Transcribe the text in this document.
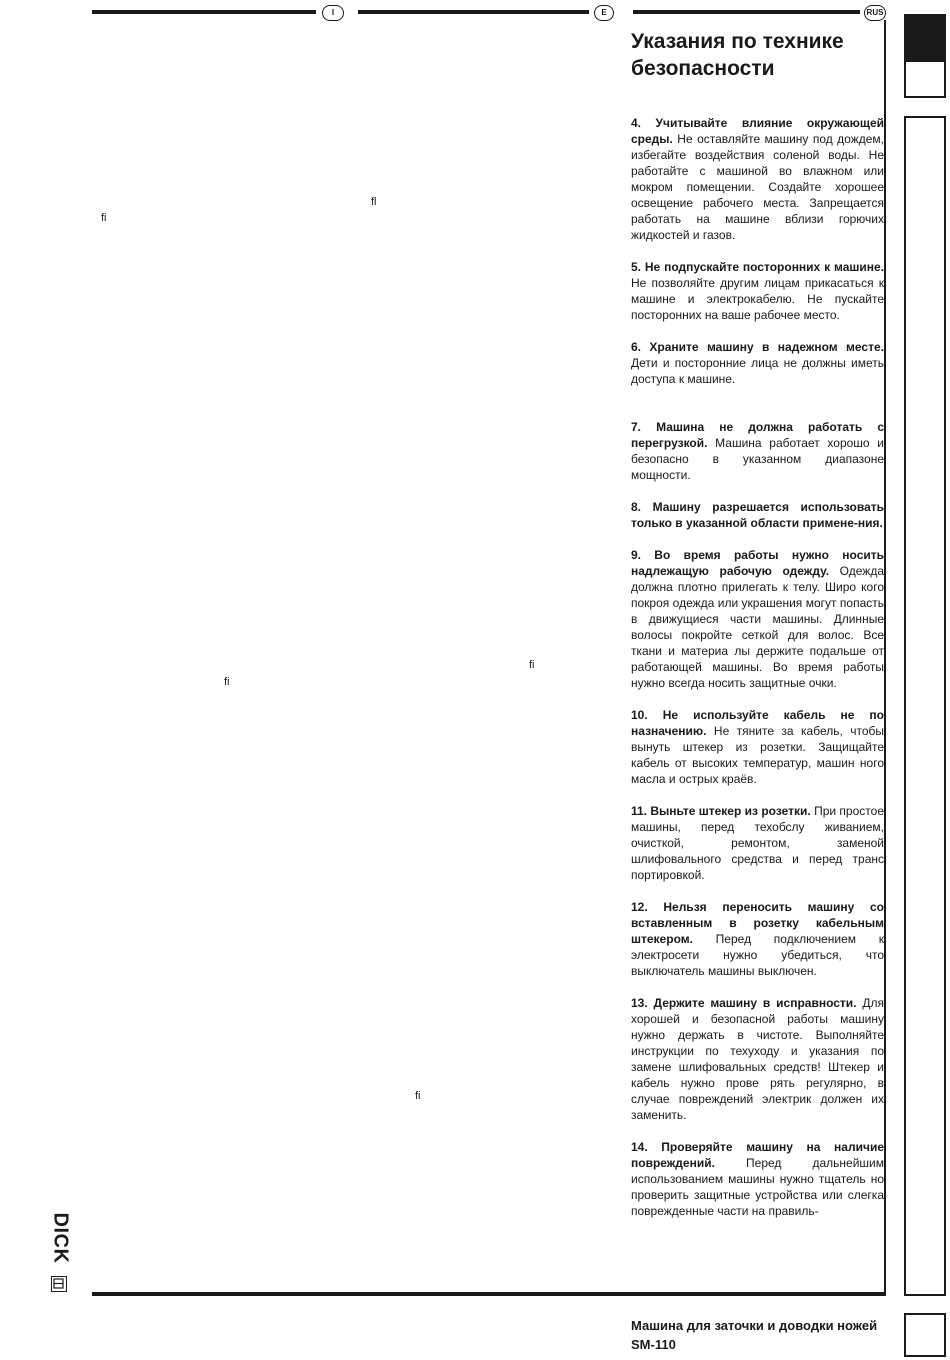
I	E	RUS
Указания по технике безопасности
fl
fi
fi
fi
fi

4. Учитывайте влияние окружающей среды. Не оставляйте машину под дождем, избегайте воздействия соленой воды. Не работайте с машиной во влажном или мокром помещении. Создайте хорошее освещение рабочего места. Запрещается работать на машине вблизи горючих жидкостей и газов.

5. Не подпускайте посторонних к машине. Не позволяйте другим лицам прикасаться к машине и электрокабелю. Не пускайте посторонних на ваше рабочее место.

6. Храните машину в надежном месте. Дети и посторонние лица не должны иметь доступа к машине.

7. Машина не должна работать с перегрузкой. Машина работает хорошо и безопасно в указанном диапазоне мощности.

8. Машину разрешается использовать только в указанной области примене-ния.

9. Во время работы нужно носить надлежащую рабочую одежду. Одежда должна плотно прилегать к телу. Широ кого покроя одежда или украшения могут попасть в движущиеся части машины. Длинные волосы покройте сеткой для волос. Все ткани и материа лы держите подальше от работающей машины. Во время работы нужно всегда носить защитные очки.

10. Не используйте кабель не по назначению. Не тяните за кабель, чтобы вынуть штекер из розетки. Защищайте кабель от высоких температур, машин ного масла и острых краёв.

11. Выньте штекер из розетки. При простое машины, перед техобслу живанием, очисткой, ремонтом, заменой шлифовального средства и перед транс портировкой.

12. Нельзя переносить машину со вставленным в розетку кабельным штекером. Перед подключением к электросети нужно убедиться, что выключатель машины выключен.

13. Держите машину в исправности. Для хорошей и безопасной работы машину нужно держать в чистоте. Выполняйте инструкции по техуходу и указания по замене шлифовальных средств! Штекер и кабель нужно прове рять регулярно, в случае повреждений электрик должен их заменить.

14. Проверяйте машину на наличие повреждений. Перед дальнейшим использованием машины нужно тщатель но проверить защитные устройства или слегка поврежденные части на правиль-

DICK

Машина для заточки и доводки ножей SM-110
